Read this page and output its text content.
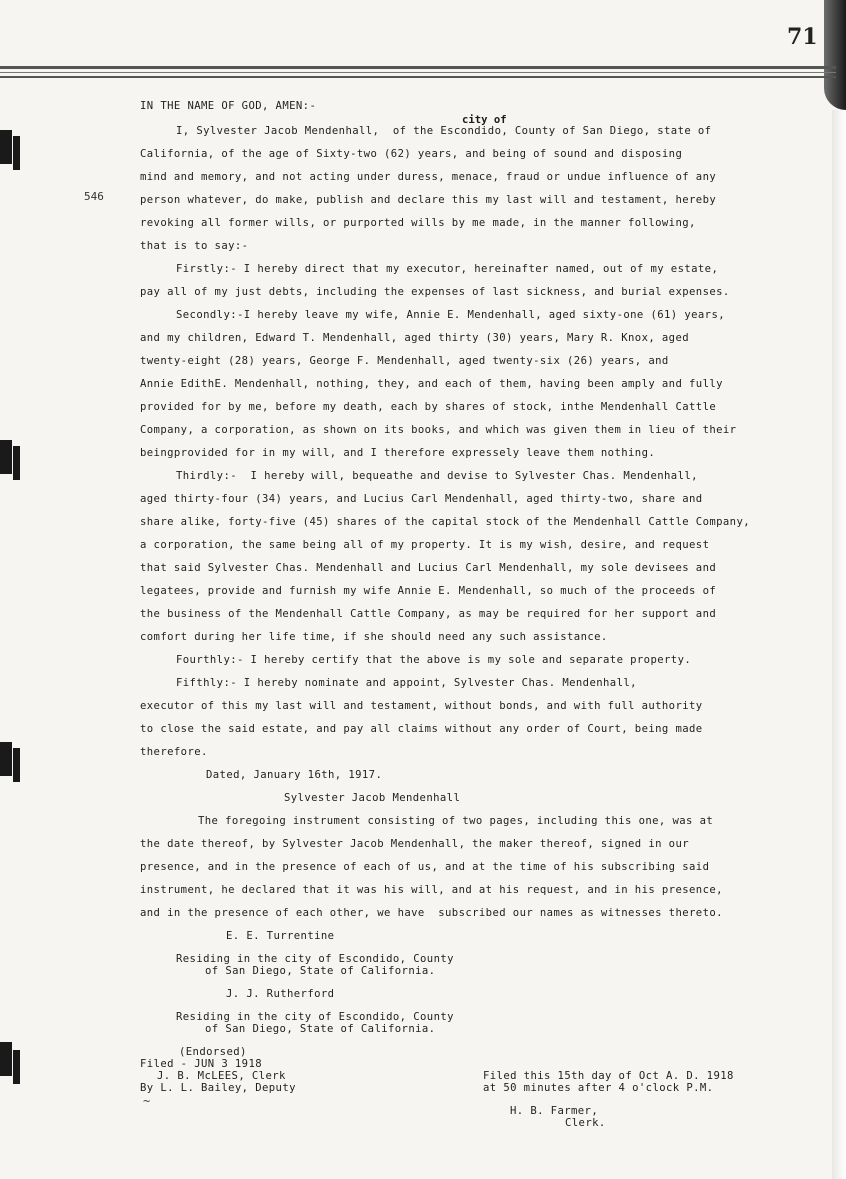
71
546
IN THE NAME OF GOD, AMEN:-
city of
I, Sylvester Jacob Mendenhall,  of the Escondido, County of San Diego, state of
California, of the age of Sixty-two (62) years, and being of sound and disposing
mind and memory, and not acting under duress, menace, fraud or undue influence of any
person whatever, do make, publish and declare this my last will and testament, hereby
revoking all former wills, or purported wills by me made, in the manner following,
that is to say:-
Firstly:- I hereby direct that my executor, hereinafter named, out of my estate,
pay all of my just debts, including the expenses of last sickness, and burial expenses.
Secondly:-I hereby leave my wife, Annie E. Mendenhall, aged sixty-one (61) years,
and my children, Edward T. Mendenhall, aged thirty (30) years, Mary R. Knox, aged
twenty-eight (28) years, George F. Mendenhall, aged twenty-six (26) years, and
Annie EdithE. Mendenhall, nothing, they, and each of them, having been amply and fully
provided for by me, before my death, each by shares of stock, inthe Mendenhall Cattle
Company, a corporation, as shown on its books, and which was given them in lieu of their
beingprovided for in my will, and I therefore expressely leave them nothing.
Thirdly:-  I hereby will, bequeathe and devise to Sylvester Chas. Mendenhall,
aged thirty-four (34) years, and Lucius Carl Mendenhall, aged thirty-two, share and
share alike, forty-five (45) shares of the capital stock of the Mendenhall Cattle Company,
a corporation, the same being all of my property. It is my wish, desire, and request
that said Sylvester Chas. Mendenhall and Lucius Carl Mendenhall, my sole devisees and
legatees, provide and furnish my wife Annie E. Mendenhall, so much of the proceeds of
the business of the Mendenhall Cattle Company, as may be required for her support and
comfort during her life time, if she should need any such assistance.
Fourthly:- I hereby certify that the above is my sole and separate property.
Fifthly:- I hereby nominate and appoint, Sylvester Chas. Mendenhall,
executor of this my last will and testament, without bonds, and with full authority
to close the said estate, and pay all claims without any order of Court, being made
therefore.
Dated, January 16th, 1917.
Sylvester Jacob Mendenhall
The foregoing instrument consisting of two pages, including this one, was at
the date thereof, by Sylvester Jacob Mendenhall, the maker thereof, signed in our
presence, and in the presence of each of us, and at the time of his subscribing said
instrument, he declared that it was his will, and at his request, and in his presence,
and in the presence of each other, we have  subscribed our names as witnesses thereto.
E. E. Turrentine
Residing in the city of Escondido, County
of San Diego, State of California.
J. J. Rutherford
Residing in the city of Escondido, County
of San Diego, State of California.
(Endorsed)
Filed - JUN 3 1918
J. B. McLEES, Clerk
By L. L. Bailey, Deputy
Filed this 15th day of Oct A. D. 1918
at 50 minutes after 4 o'clock P.M.
H. B. Farmer,
Clerk.
~
